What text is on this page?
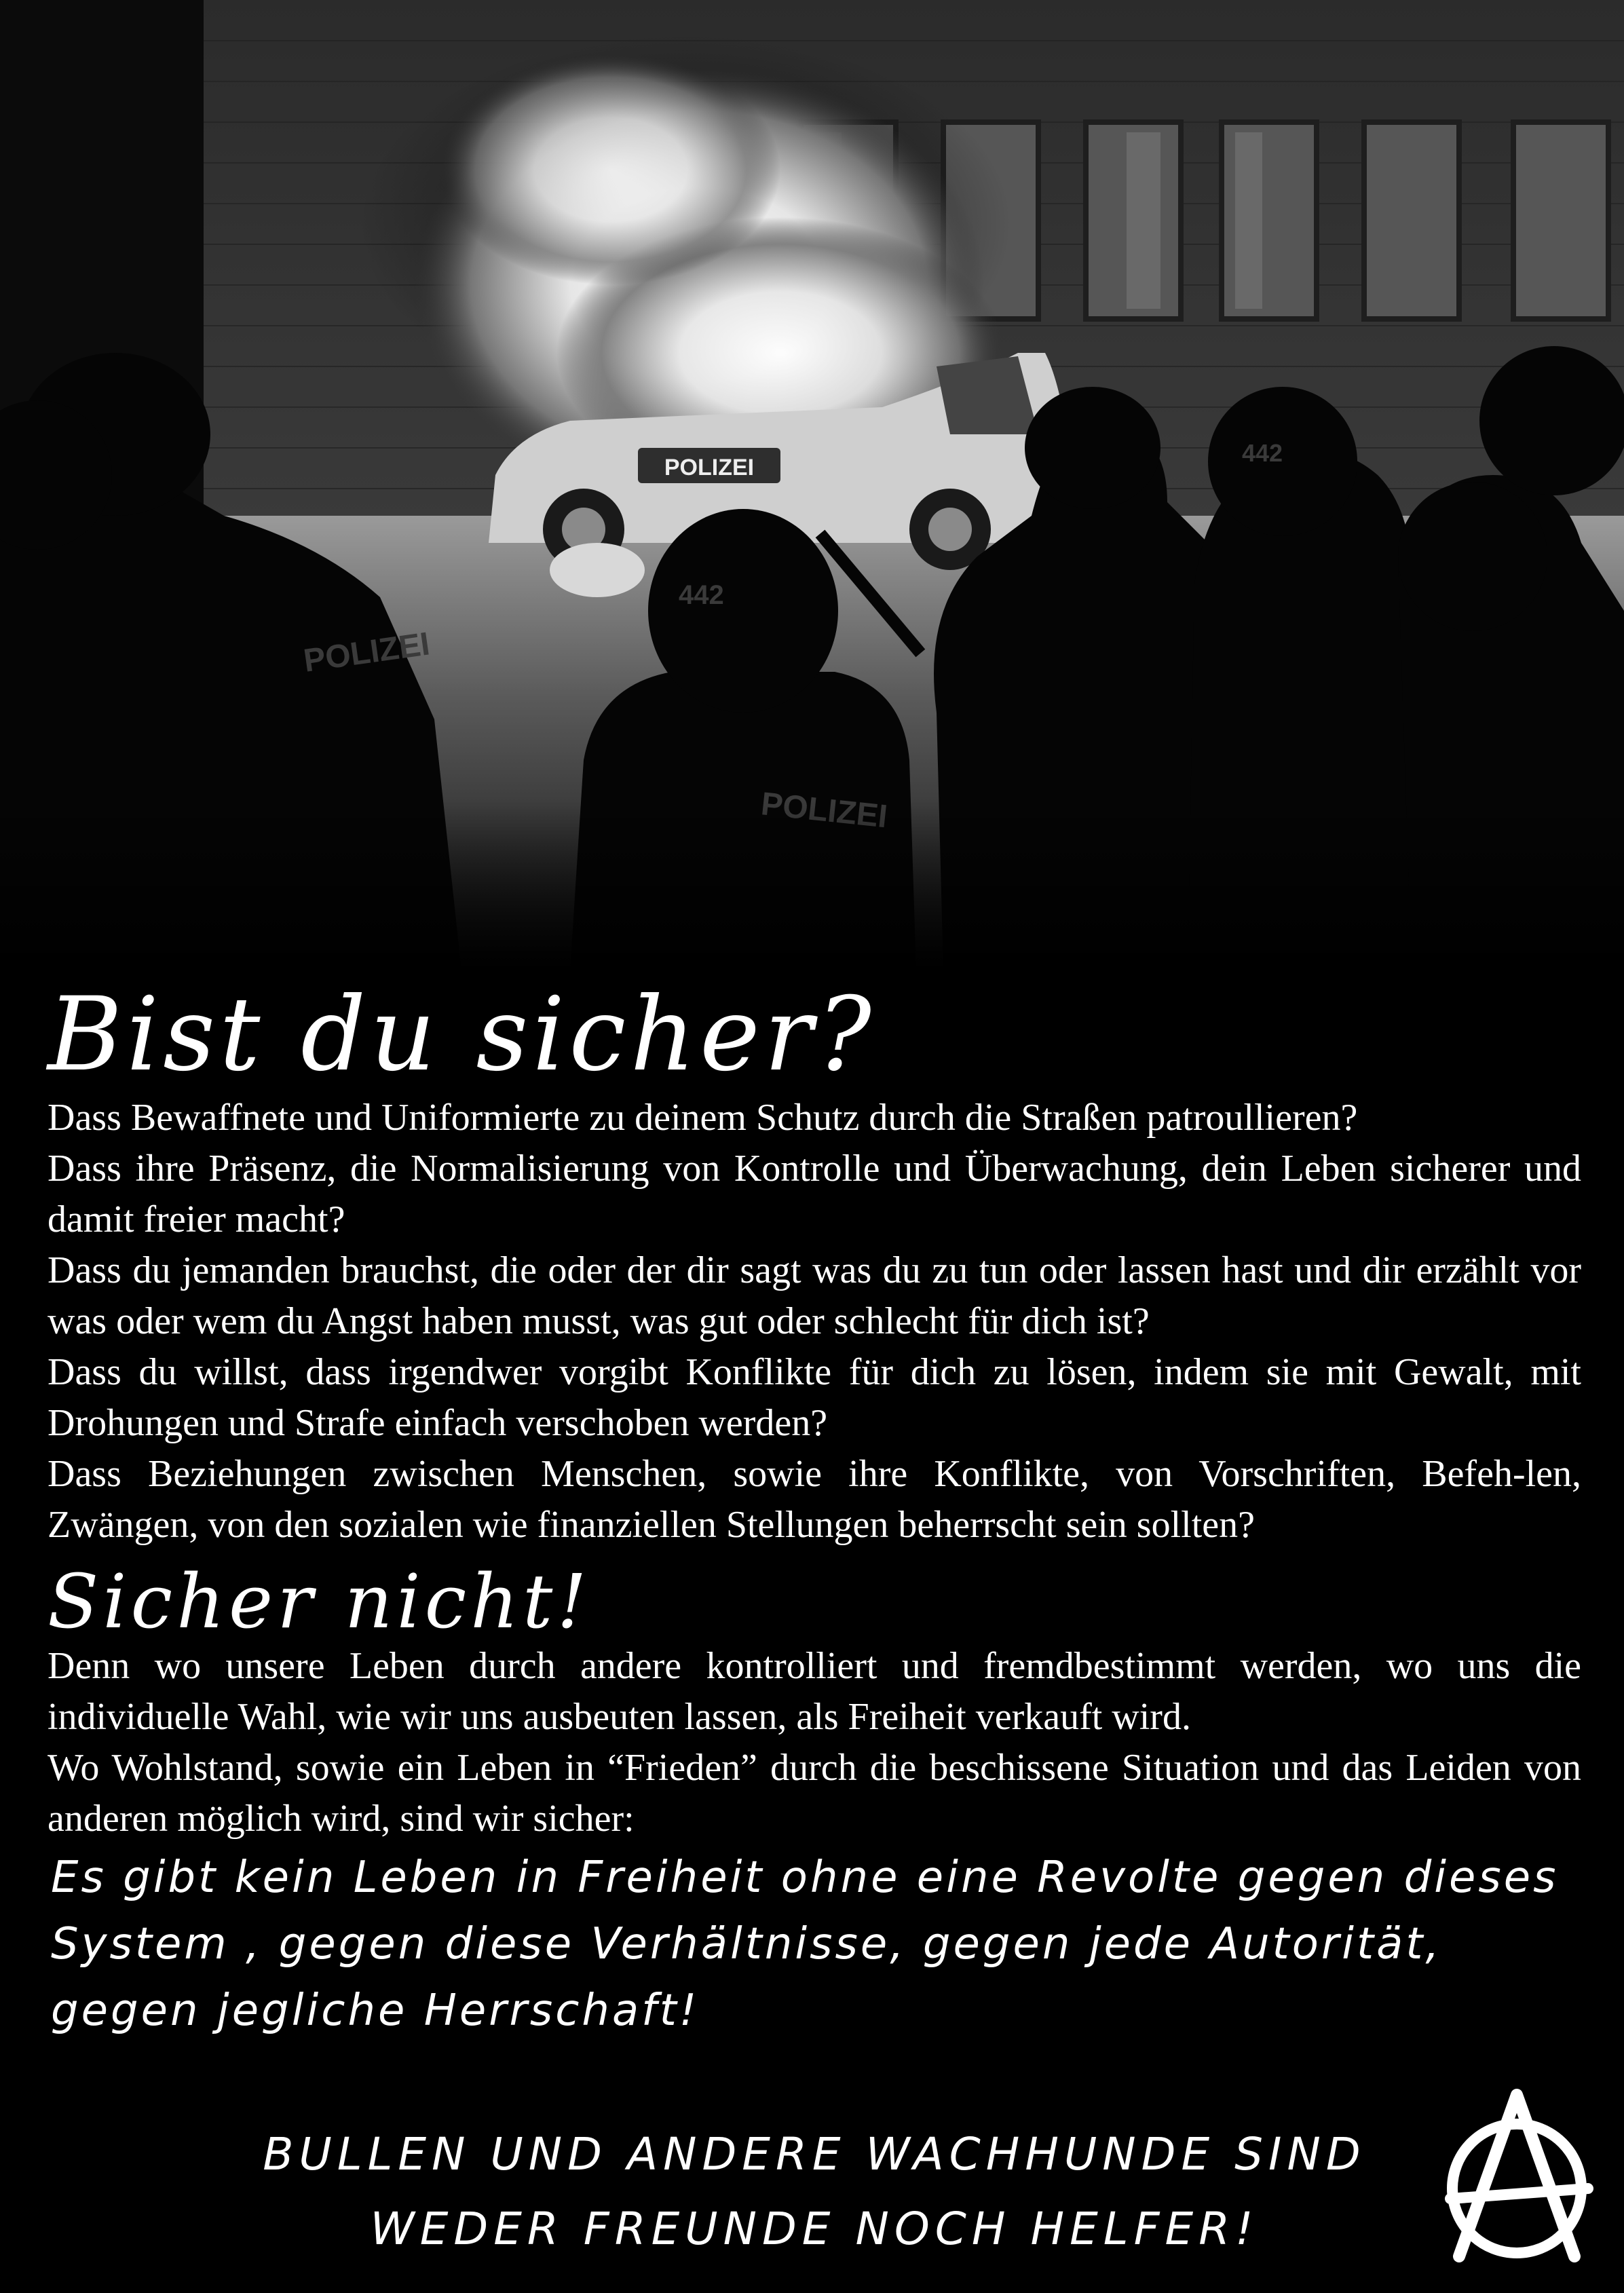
POLIZEI
POLIZEI
442
442
Bist du sicher?

Dass Bewaffnete und Uniformierte zu deinem Schutz durch die Straßen patroullieren?

Dass ihre Präsenz, die Normalisierung von Kontrolle und Überwachung, dein Leben sicherer und damit freier macht?

Dass du jemanden brauchst, die oder der dir sagt was du zu tun oder lassen hast und dir erzählt vor was oder wem du Angst haben musst, was gut oder schlecht für dich ist?

Dass du willst, dass irgendwer vorgibt Konflikte für dich zu lösen, indem sie mit Gewalt, mit Drohungen und Strafe einfach verschoben werden?

Dass Beziehungen zwischen Menschen, sowie ihre Konflikte, von Vorschriften, Befeh-len, Zwängen, von den sozialen wie finanziellen Stellungen beherrscht sein sollten?

Sicher nicht!

Denn wo unsere Leben durch andere kontrolliert und fremdbestimmt werden, wo uns die individuelle Wahl, wie wir uns ausbeuten lassen, als Freiheit verkauft wird.

Wo Wohlstand, sowie ein Leben in “Frieden” durch die beschissene Situation und das Leiden von anderen möglich wird, sind wir sicher:

Es gibt kein Leben in Freiheit ohne eine Revolte gegen dieses System , gegen diese Verhältnisse, gegen jede Autorität, gegen jegliche Herrschaft!

BULLEN UND ANDERE WACHHUNDE SIND
WEDER FREUNDE NOCH HELFER!
